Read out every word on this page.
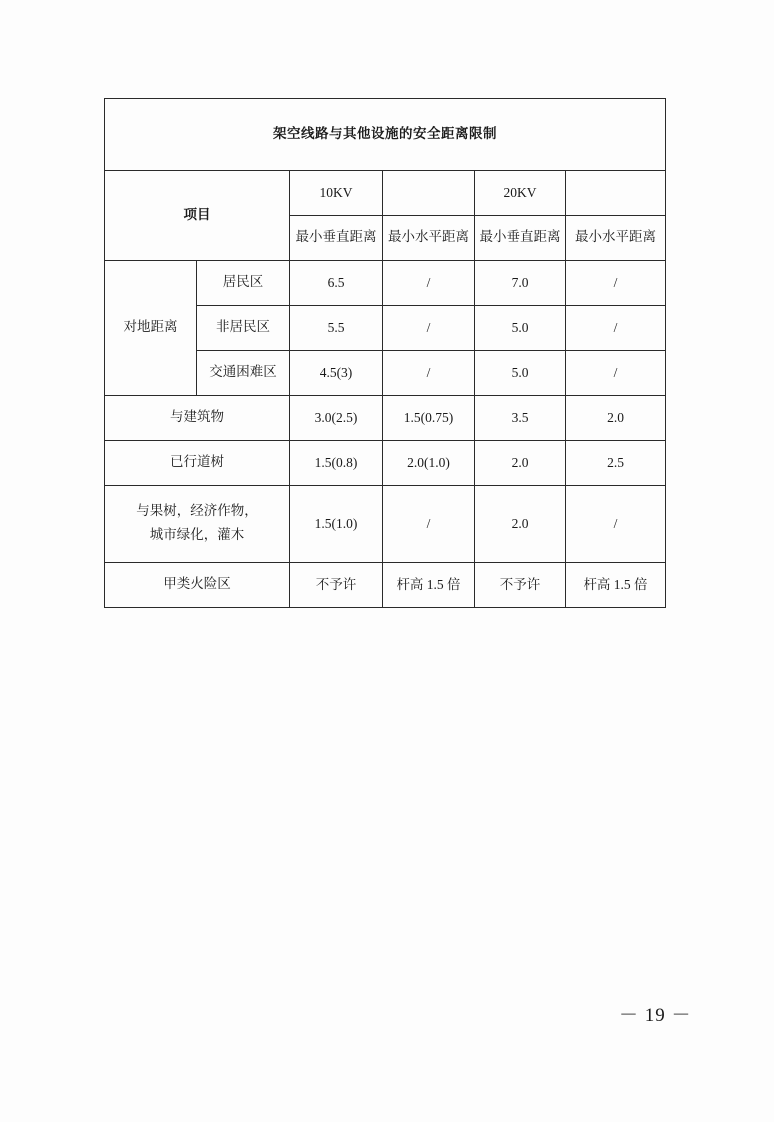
架空线路与其他设施的安全距离限制					
项目		10KV		20KV	
		最小垂直距离	最小水平距离	最小垂直距离	最小水平距离
对地距离	居民区	6.5	/	7.0	/
	非居民区	5.5	/	5.0	/
	交通困难区	4.5(3)	/	5.0	/
与建筑物		3.0(2.5)	1.5(0.75)	3.5	2.0
已行道树		1.5(0.8)	2.0(1.0)	2.0	2.5

与果树，经济作物，
城市绿化，灌木		1.5(1.0)	/	2.0	/
甲类火险区		不予许	杆高 1.5 倍	不予许	杆高 1.5 倍
－ 19 －
